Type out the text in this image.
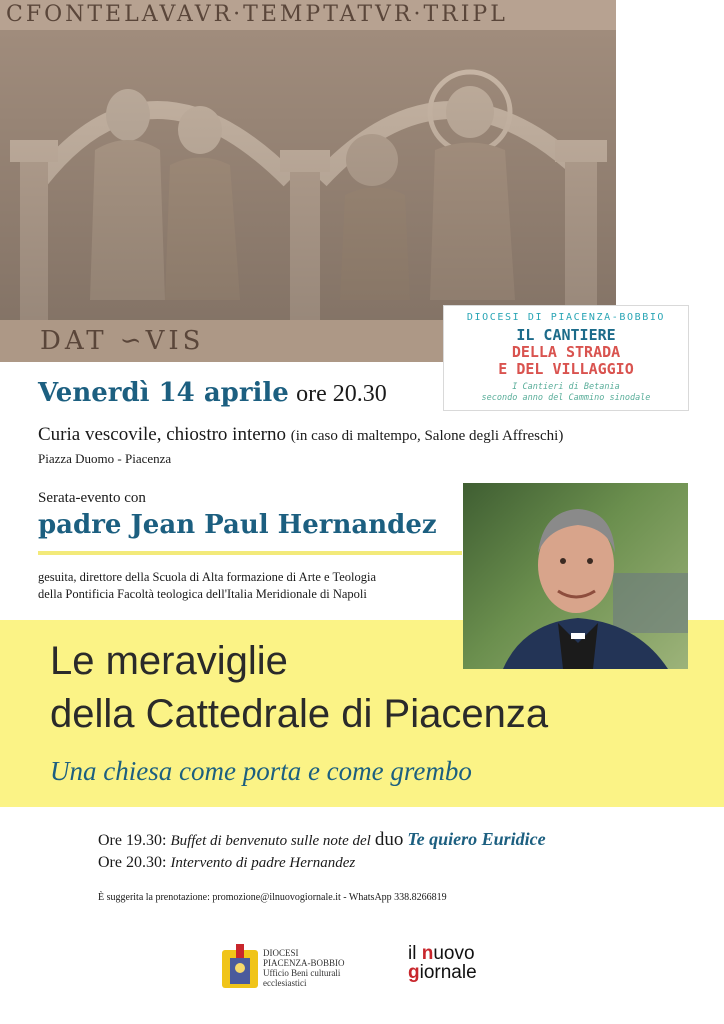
CFONTELAVAVR·TEMPTATVR·TRIPL
DAT ∽VIS
DIOCESI DI PIACENZA-BOBBIO
IL CANTIERE
DELLA STRADA
E DEL VILLAGGIO
I Cantieri di Betania
secondo anno del Cammino sinodale
Venerdì 14 aprile ore 20.30
Curia vescovile, chiostro interno (in caso di maltempo, Salone degli Affreschi)
Piazza Duomo - Piacenza
Serata-evento con
padre Jean Paul Hernandez
gesuita, direttore della Scuola di Alta formazione di Arte e Teologia
della Pontificia Facoltà teologica dell'Italia Meridionale di Napoli
Le meraviglie
della Cattedrale di Piacenza
Una chiesa come porta e come grembo
Ore 19.30: Buffet di benvenuto sulle note del duo Te quiero Euridice
Ore 20.30: Intervento di padre Hernandez
È suggerita la prenotazione: promozione@ilnuovogiornale.it - WhatsApp 338.8266819
DIOCESI
PIACENZA-BOBBIO
Ufficio Beni culturali
ecclesiastici
il nuovo
giornale
